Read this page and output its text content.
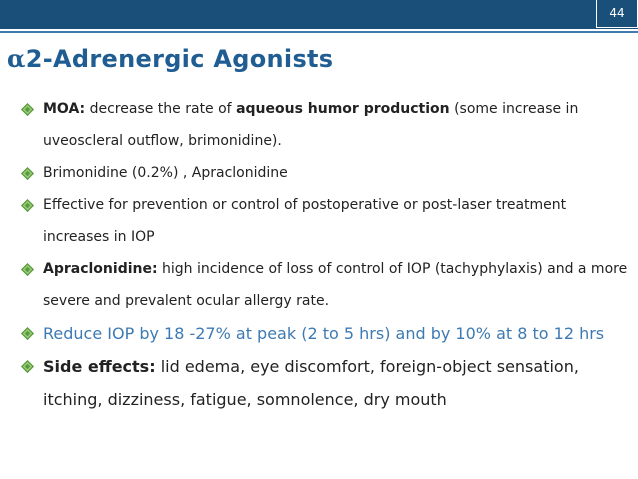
44
α2-Adrenergic Agonists
MOA: decrease the rate of aqueous humor production (some increase in uveoscleral outflow, brimonidine).
Brimonidine (0.2%) , Apraclonidine
Effective for prevention or control of postoperative or post-laser treatment increases in IOP
Apraclonidine: high incidence of loss of control of IOP (tachyphylaxis) and a more severe and prevalent ocular allergy rate.
Reduce IOP by 18 -27% at peak (2 to 5 hrs) and by 10% at 8 to 12 hrs
Side effects: lid edema, eye discomfort, foreign-object sensation, itching, dizziness, fatigue, somnolence, dry mouth
